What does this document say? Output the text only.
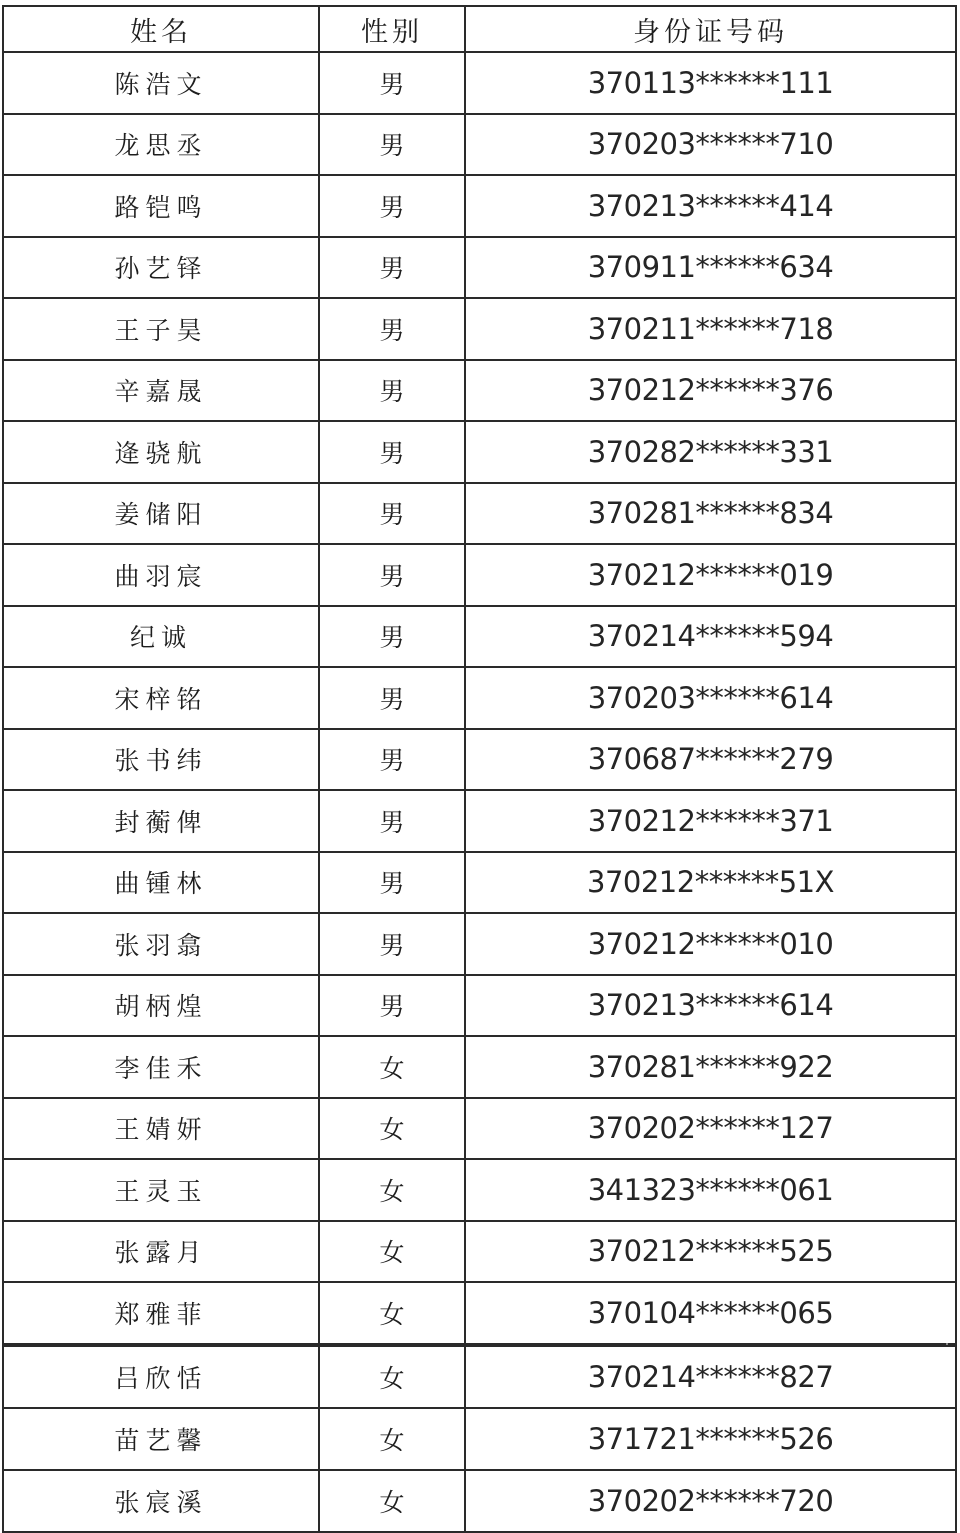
姓名	性别	身份证号码
陈浩文	男	370113******111
龙思丞	男	370203******710
路铠鸣	男	370213******414
孙艺铎	男	370911******634
王子昊	男	370211******718
辛嘉晟	男	370212******376
逄骁航	男	370282******331
姜储阳	男	370281******834
曲羽宸	男	370212******019
纪诚	男	370214******594
宋梓铭	男	370203******614
张书纬	男	370687******279
封蘅俾	男	370212******371
曲锺林	男	370212******51X
张羽翕	男	370212******010
胡柄煌	男	370213******614
李佳禾	女	370281******922
王婧妍	女	370202******127
王灵玉	女	341323******061
张露月	女	370212******525
郑雅菲	女	370104******065
吕欣恬	女	370214******827
苗艺馨	女	371721******526
张宸溪	女	370202******720
